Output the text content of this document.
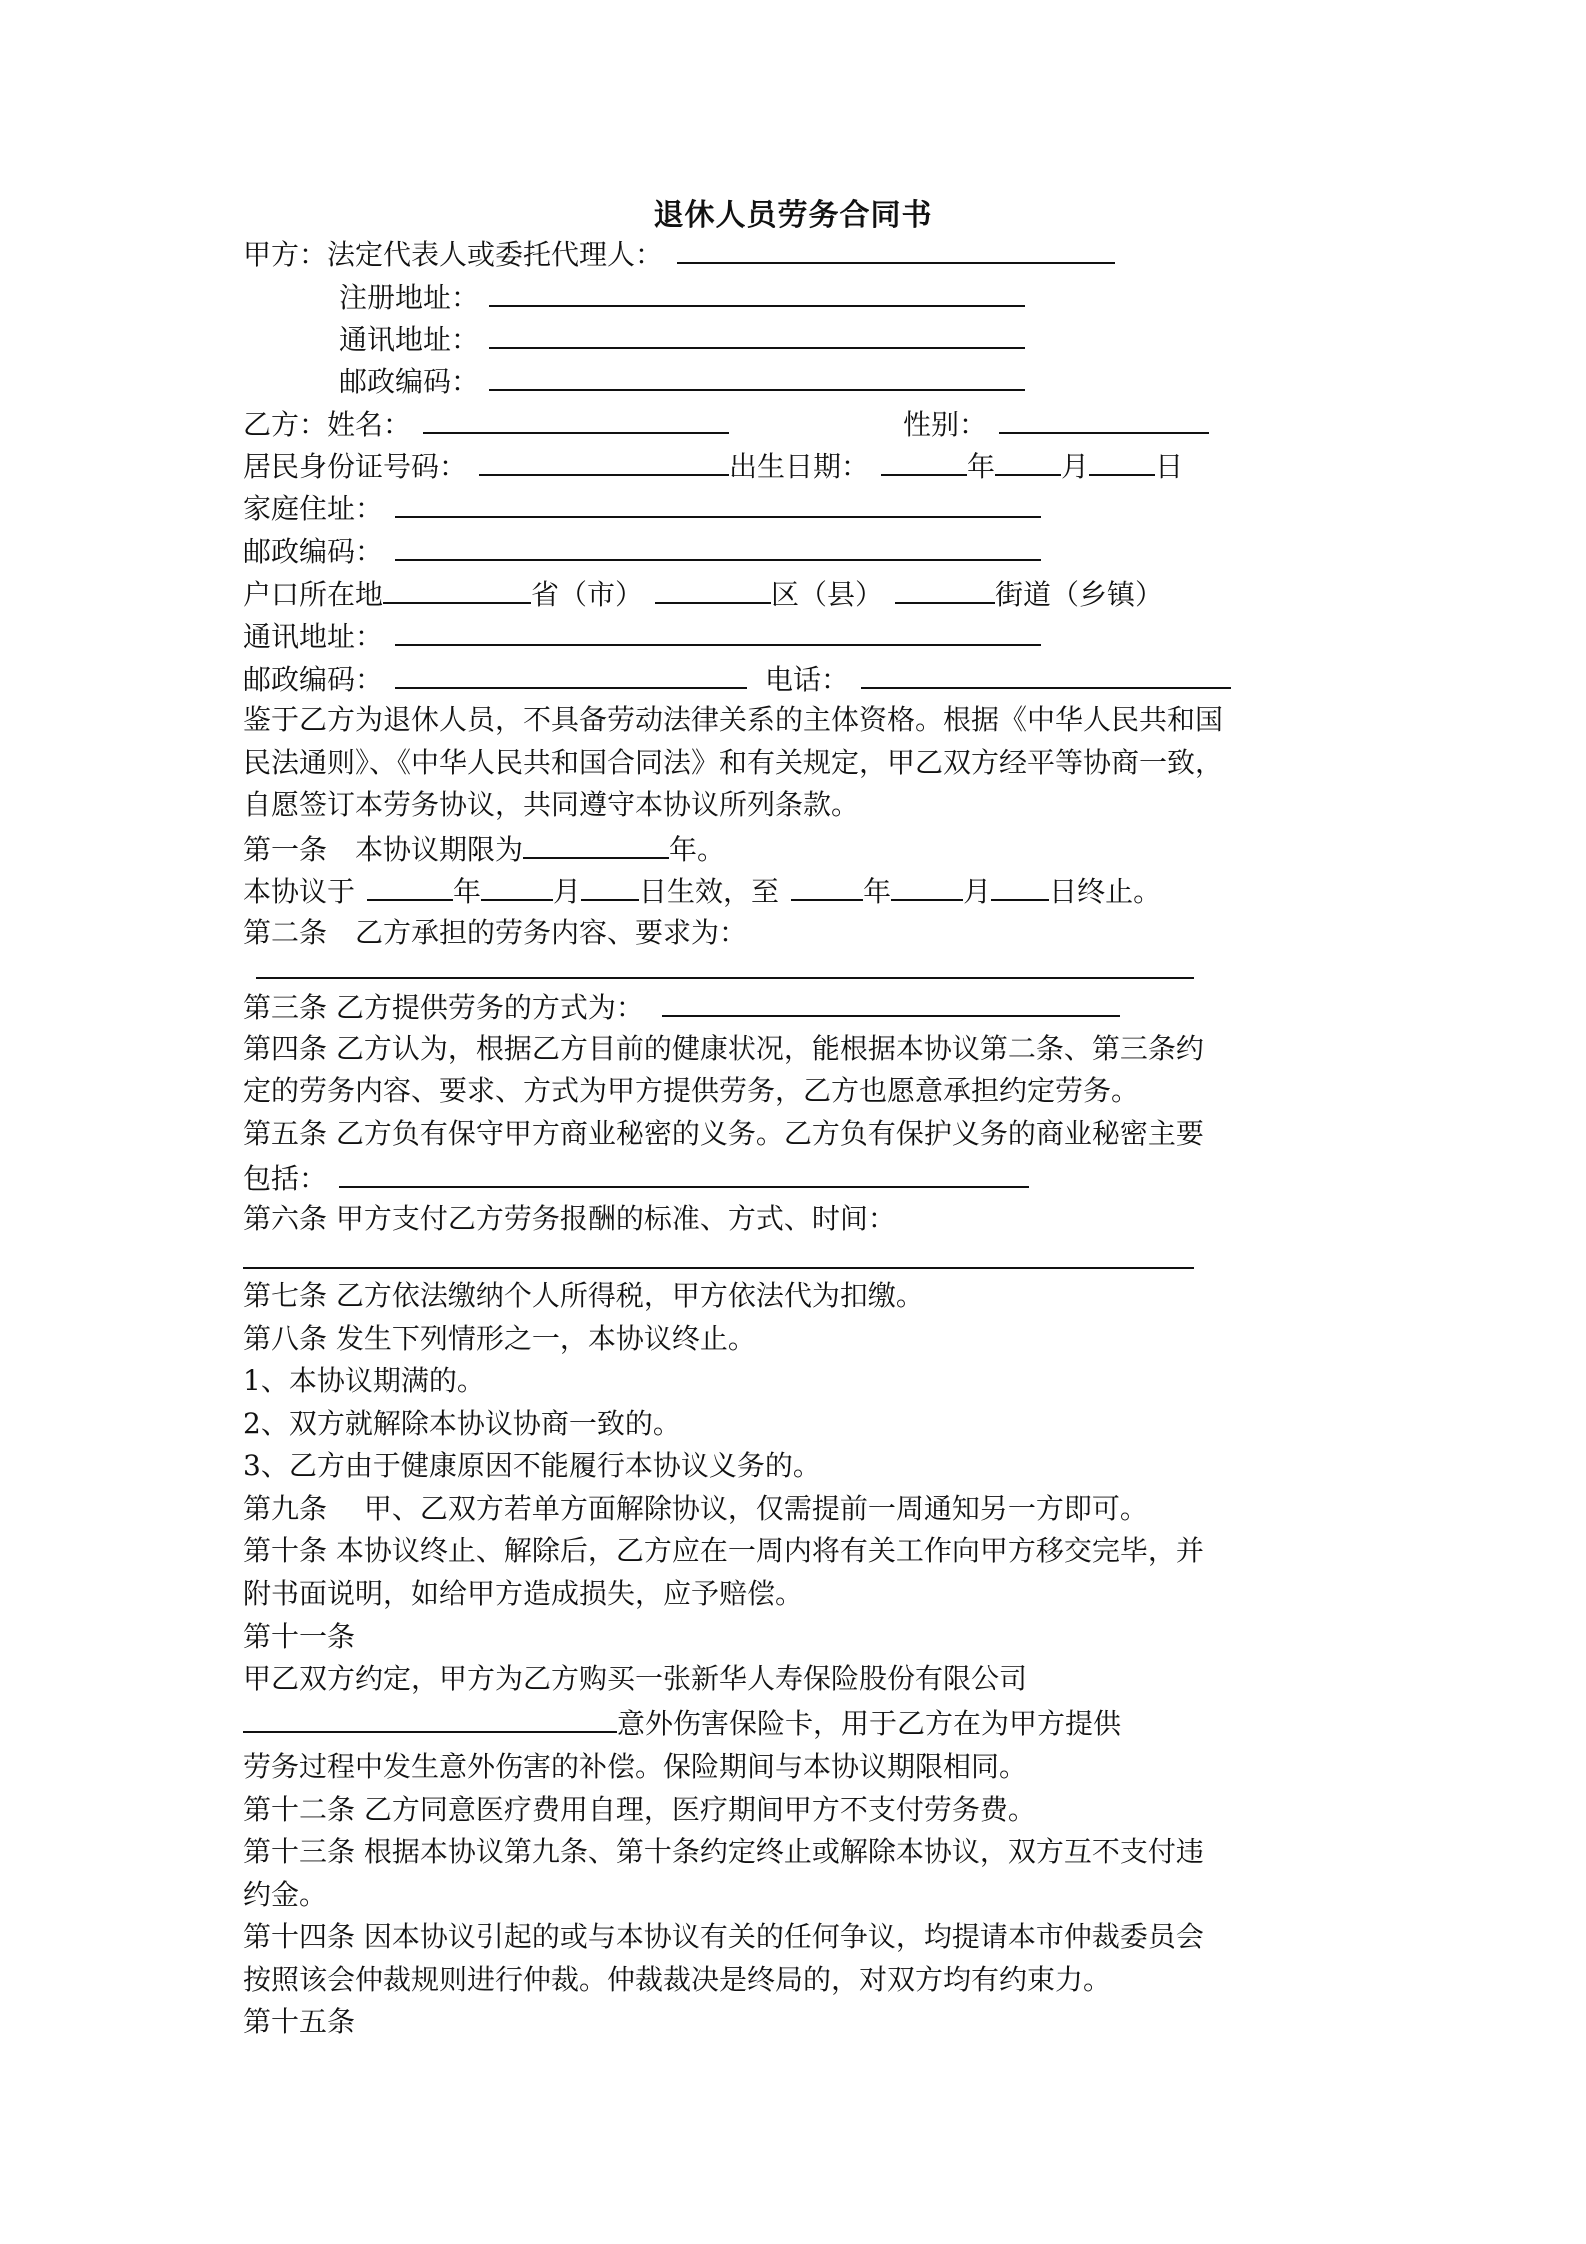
退休人员劳务合同书
甲方：法定代表人或委托代理人：
注册地址：
通讯地址：
邮政编码：
乙方：姓名：	性别：
居民身份证号码：	出生日期：	年 月 日
家庭住址：
邮政编码：
户口所在地	省（市）	区（县）	街道（乡镇）
通讯地址：
邮政编码：	电话：
鉴于乙方为退休人员，不具备劳动法律关系的主体资格。根据《中华人民共和国
民法通则》、《中华人民共和国合同法》和有关规定，甲乙双方经平等协商一致，
自愿签订本劳务协议，共同遵守本协议所列条款。
第一条　本协议期限为	年。
本协议于	年	月 日生效，至	年	月 日终止。
第二条　乙方承担的劳务内容、要求为：
第三条 乙方提供劳务的方式为：
第四条 乙方认为，根据乙方目前的健康状况，能根据本协议第二条、第三条约
定的劳务内容、要求、方式为甲方提供劳务，乙方也愿意承担约定劳务。
第五条 乙方负有保守甲方商业秘密的义务。乙方负有保护义务的商业秘密主要
包括：
第六条 甲方支付乙方劳务报酬的标准、方式、时间：
第七条 乙方依法缴纳个人所得税，甲方依法代为扣缴。
第八条 发生下列情形之一，本协议终止。
1、本协议期满的。
2、双方就解除本协议协商一致的。
3、乙方由于健康原因不能履行本协议义务的。
第九条　 甲、乙双方若单方面解除协议，仅需提前一周通知另一方即可。
第十条 本协议终止、解除后，乙方应在一周内将有关工作向甲方移交完毕，并
附书面说明，如给甲方造成损失，应予赔偿。
第十一条
甲乙双方约定，甲方为乙方购买一张新华人寿保险股份有限公司
意外伤害保险卡，用于乙方在为甲方提供
劳务过程中发生意外伤害的补偿。保险期间与本协议期限相同。
第十二条 乙方同意医疗费用自理，医疗期间甲方不支付劳务费。
第十三条 根据本协议第九条、第十条约定终止或解除本协议，双方互不支付违
约金。
第十四条 因本协议引起的或与本协议有关的任何争议，均提请本市仲裁委员会
按照该会仲裁规则进行仲裁。仲裁裁决是终局的，对双方均有约束力。
第十五条
